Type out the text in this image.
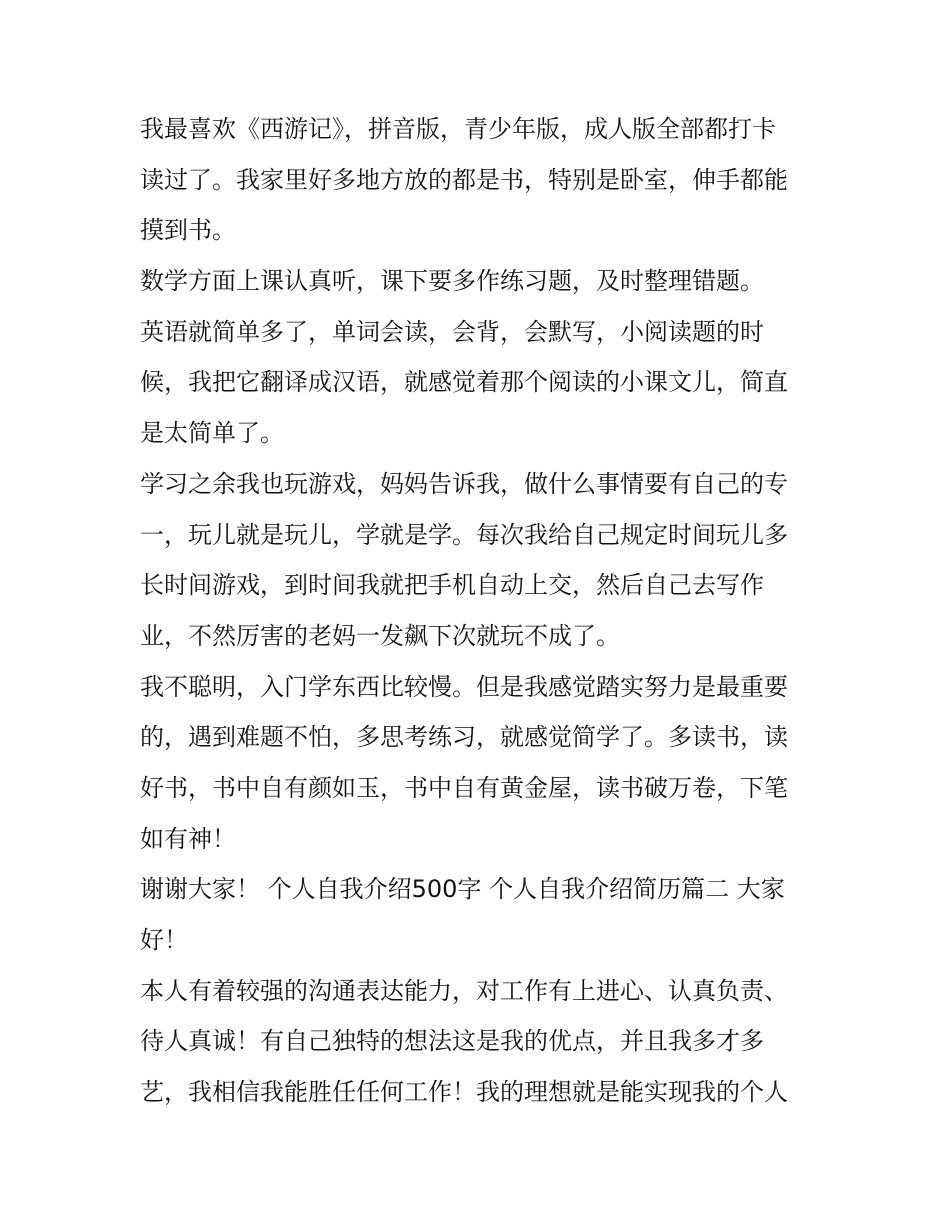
我最喜欢《西游记》，拼音版，青少年版，成人版全部都打卡
读过了。我家里好多地方放的都是书，特别是卧室，伸手都能
摸到书。
数学方面上课认真听，课下要多作练习题，及时整理错题。
英语就简单多了，单词会读，会背，会默写，小阅读题的时
候，我把它翻译成汉语，就感觉着那个阅读的小课文儿，简直
是太简单了。
学习之余我也玩游戏，妈妈告诉我，做什么事情要有自己的专
一，玩儿就是玩儿，学就是学。每次我给自己规定时间玩儿多
长时间游戏，到时间我就把手机自动上交，然后自己去写作
业，不然厉害的老妈一发飙下次就玩不成了。
我不聪明，入门学东西比较慢。但是我感觉踏实努力是最重要
的，遇到难题不怕，多思考练习，就感觉简学了。多读书，读
好书，书中自有颜如玉，书中自有黄金屋，读书破万卷，下笔
如有神！
谢谢大家！ 个人自我介绍500字 个人自我介绍简历篇二 大家
好！
本人有着较强的沟通表达能力，对工作有上进心、认真负责、
待人真诚！有自己独特的想法这是我的优点，并且我多才多
艺，我相信我能胜任任何工作！我的理想就是能实现我的个人
